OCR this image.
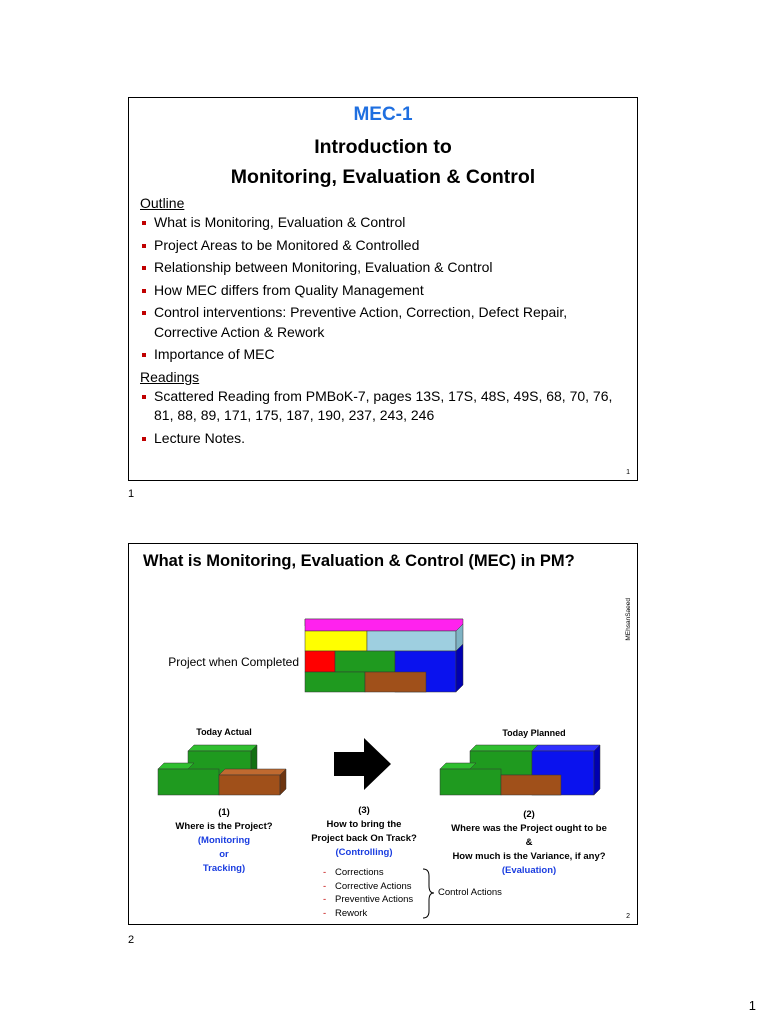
MEC-1
Introduction to
Monitoring, Evaluation & Control
Outline
What is Monitoring, Evaluation & Control
Project Areas to be Monitored & Controlled
Relationship between Monitoring, Evaluation & Control
How MEC differs from Quality Management
Control interventions: Preventive Action, Correction, Defect Repair, Corrective Action & Rework
Importance of MEC
Readings
Scattered Reading from PMBoK-7, pages 13S, 17S, 48S, 49S, 68, 70, 76, 81, 88, 89, 171, 175, 187, 190, 237, 243, 246
Lecture Notes.
1
1
What is Monitoring, Evaluation & Control (MEC) in PM?
MEhsanSaeed
Project when Completed
Today Actual	Today Planned
(1)
Where is the Project?
(Monitoring
or
Tracking)
(3)
How to bring the
Project back On Track?
(Controlling)
(2)
Where was the Project ought to be
&
How much is the Variance, if any?
(Evaluation)
- Corrections
- Corrective Actions
- Preventive Actions
- Rework
Control Actions
2
2
1
